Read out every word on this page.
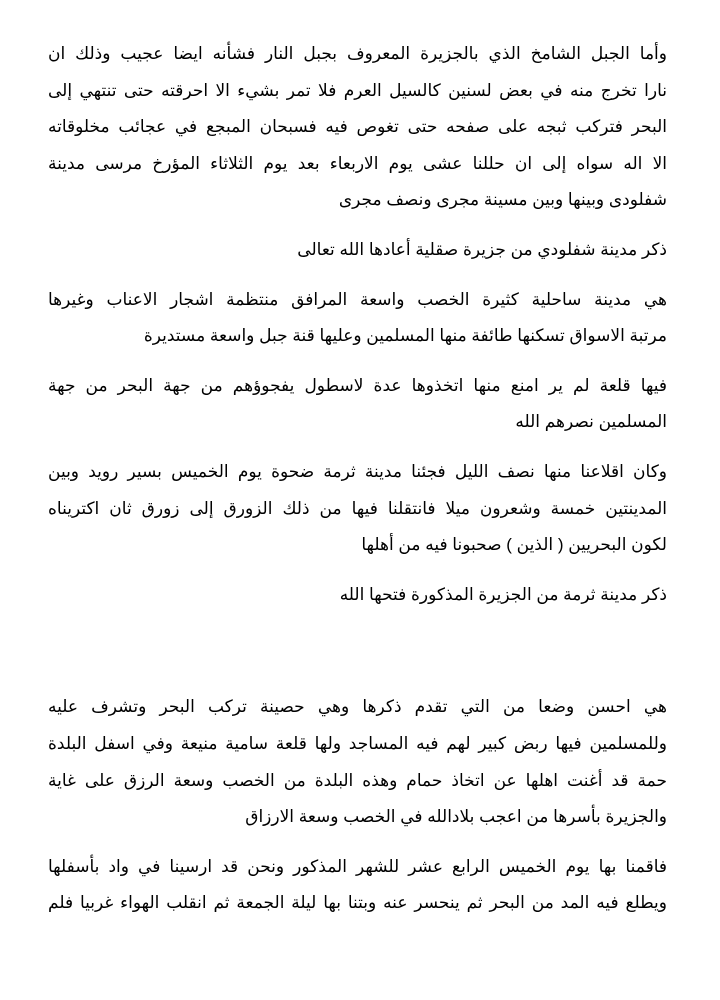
وأما الجبل الشامخ الذي بالجزيرة المعروف بجبل النار فشأنه ايضا عجيب وذلك ان
نارا تخرج منه في بعض لسنين كالسيل العرم فلا تمر بشيء الا احرقته حتى تنتهي إلى
البحر فتركب ثبجه على صفحه حتى تغوص فيه فسبحان المبجع في عجائب مخلوقاته
الا اله سواه إلى ان حللنا عشى يوم الاربعاء بعد يوم الثلاثاء المؤرخ مرسى مدينة
شفلودى وبينها وبين مسينة مجرى ونصف مجرى
ذكر مدينة شفلودي من جزيرة صقلية أعادها الله تعالى
هي مدينة ساحلية كثيرة الخصب واسعة المرافق منتظمة اشجار الاعناب وغيرها
مرتبة الاسواق تسكنها طائفة منها المسلمين وعليها قنة جبل واسعة مستديرة
فيها قلعة لم ير امنع منها اتخذوها عدة لاسطول يفجوؤهم من جهة البحر من جهة
المسلمين نصرهم الله
وكان اقلاعنا منها نصف الليل فجئنا مدينة ثرمة ضحوة يوم الخميس بسير رويد وبين
المدينتين خمسة وشعرون ميلا فانتقلنا فيها من ذلك الزورق إلى زورق ثان اكتريناه
لكون البحريين ( الذين ) صحبونا فيه من أهلها
ذكر مدينة ثرمة من الجزيرة المذكورة فتحها الله
هي احسن وضعا من التي تقدم ذكرها وهي حصينة تركب البحر وتشرف عليه
وللمسلمين فيها ربض كبير لهم فيه المساجد ولها قلعة سامية منيعة وفي اسفل البلدة
حمة قد أغنت اهلها عن اتخاذ حمام وهذه البلدة من الخصب وسعة الرزق على غاية
والجزيرة بأسرها من اعجب بلادالله في الخصب وسعة الارزاق
فاقمنا بها يوم الخميس الرابع عشر للشهر المذكور ونحن قد ارسينا في واد بأسفلها
ويطلع فيه المد من البحر ثم ينحسر عنه وبتنا بها ليلة الجمعة ثم انقلب الهواء غربيا فلم
